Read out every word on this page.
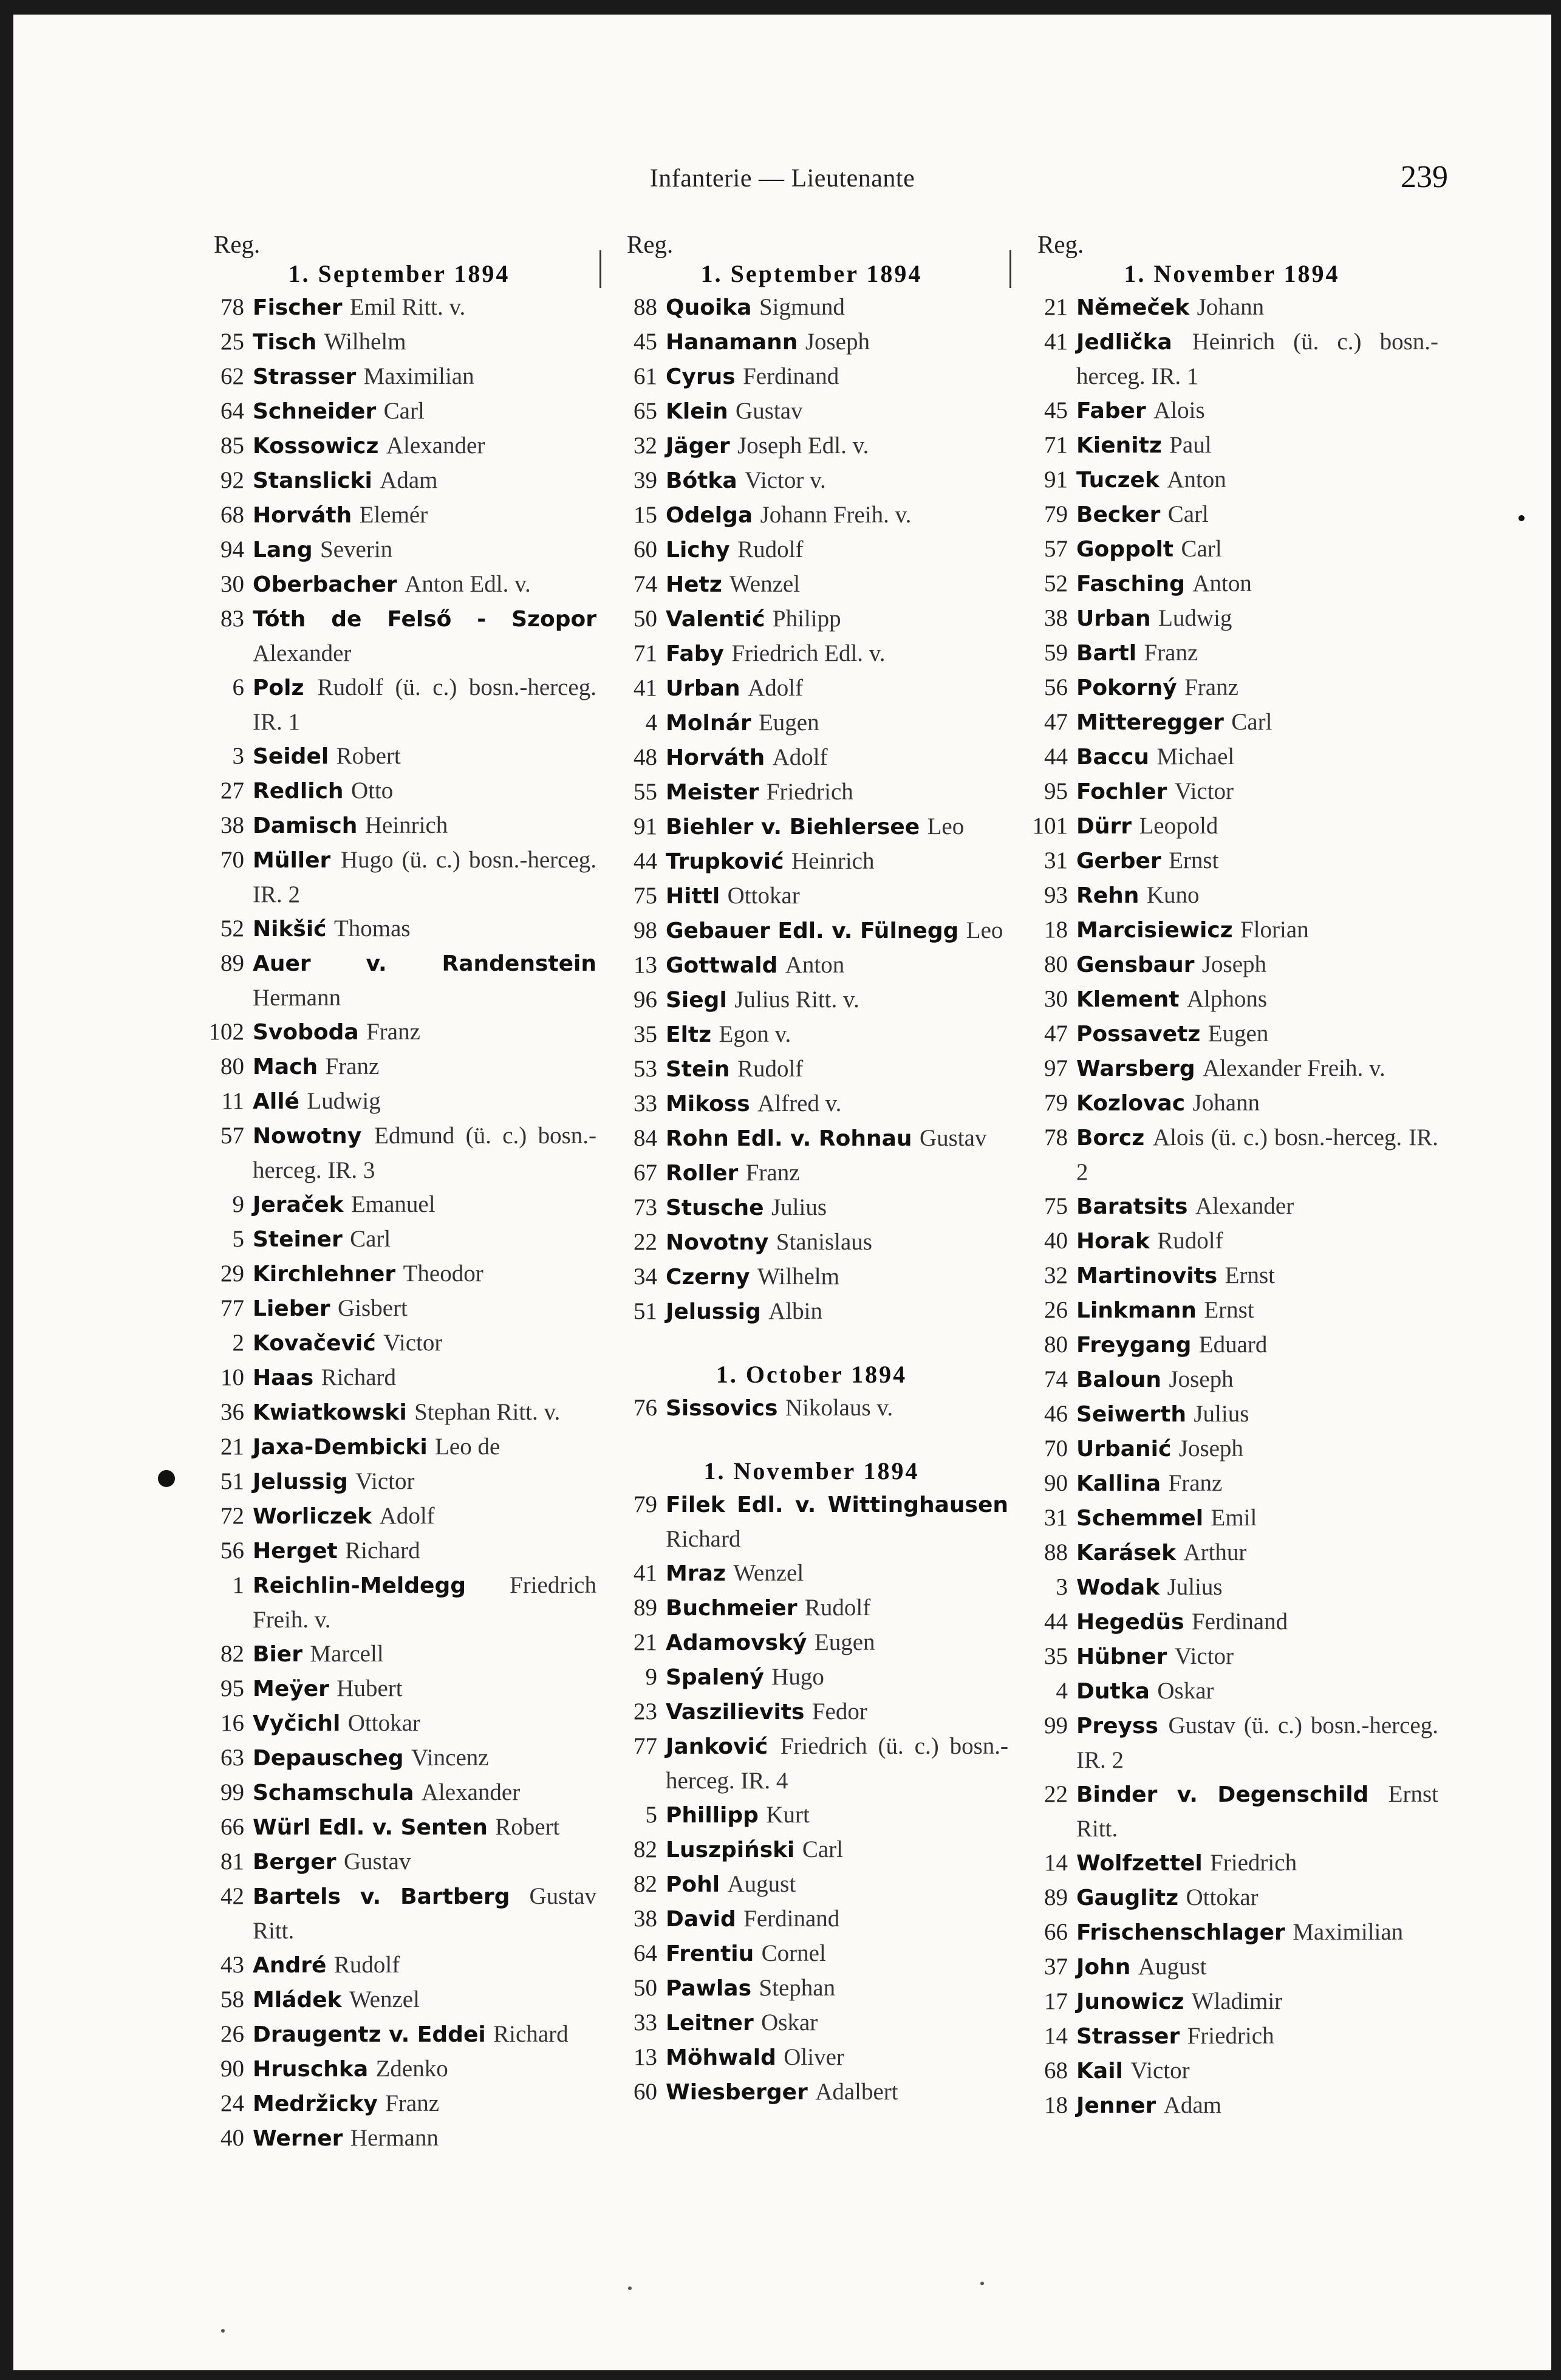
Infanterie — Lieutenante	239
Reg.
1. September 1894
78 Fischer Emil Ritt. v.
25 Tisch Wilhelm
62 Strasser Maximilian
64 Schneider Carl
85 Kossowicz Alexander
92 Stanslicki Adam
68 Horváth Elemér
94 Lang Severin
30 Oberbacher Anton Edl. v.
83 Tóth de Felső - Szopor Alexander
6 Polz Rudolf (ü. c.) bosn.-herceg. IR. 1
3 Seidel Robert
27 Redlich Otto
38 Damisch Heinrich
70 Müller Hugo (ü. c.) bosn.-herceg. IR. 2
52 Nikšić Thomas
89 Auer v. Randenstein Hermann
102 Svoboda Franz
80 Mach Franz
11 Allé Ludwig
57 Nowotny Edmund (ü. c.) bosn.-herceg. IR. 3
9 Jeraček Emanuel
5 Steiner Carl
29 Kirchlehner Theodor
77 Lieber Gisbert
2 Kovačević Victor
10 Haas Richard
36 Kwiatkowski Stephan Ritt. v.
21 Jaxa-Dembicki Leo de
51 Jelussig Victor
72 Worliczek Adolf
56 Herget Richard
1 Reichlin-Meldegg Friedrich Freih. v.
82 Bier Marcell
95 Meÿer Hubert
16 Vyčichl Ottokar
63 Depauscheg Vincenz
99 Schamschula Alexander
66 Würl Edl. v. Senten Robert
81 Berger Gustav
42 Bartels v. Bartberg Gustav Ritt.
43 André Rudolf
58 Mládek Wenzel
26 Draugentz v. Eddei Richard
90 Hruschka Zdenko
24 Medržicky Franz
40 Werner Hermann
Reg.
1. September 1894
88 Quoika Sigmund
45 Hanamann Joseph
61 Cyrus Ferdinand
65 Klein Gustav
32 Jäger Joseph Edl. v.
39 Bótka Victor v.
15 Odelga Johann Freih. v.
60 Lichy Rudolf
74 Hetz Wenzel
50 Valentić Philipp
71 Faby Friedrich Edl. v.
41 Urban Adolf
4 Molnár Eugen
48 Horváth Adolf
55 Meister Friedrich
91 Biehler v. Biehlersee Leo
44 Trupković Heinrich
75 Hittl Ottokar
98 Gebauer Edl. v. Fülnegg Leo
13 Gottwald Anton
96 Siegl Julius Ritt. v.
35 Eltz Egon v.
53 Stein Rudolf
33 Mikoss Alfred v.
84 Rohn Edl. v. Rohnau Gustav
67 Roller Franz
73 Stusche Julius
22 Novotny Stanislaus
34 Czerny Wilhelm
51 Jelussig Albin
1. October 1894
76 Sissovics Nikolaus v.
1. November 1894
79 Filek Edl. v. Wittinghausen Richard
41 Mraz Wenzel
89 Buchmeier Rudolf
21 Adamovský Eugen
9 Spalený Hugo
23 Vaszilievits Fedor
77 Janković Friedrich (ü. c.) bosn.-herceg. IR. 4
5 Phillipp Kurt
82 Luszpiński Carl
82 Pohl August
38 David Ferdinand
64 Frentiu Cornel
50 Pawlas Stephan
33 Leitner Oskar
13 Möhwald Oliver
60 Wiesberger Adalbert
Reg.
1. November 1894
21 Němeček Johann
41 Jedlička Heinrich (ü. c.) bosn.-herceg. IR. 1
45 Faber Alois
71 Kienitz Paul
91 Tuczek Anton
79 Becker Carl
57 Goppolt Carl
52 Fasching Anton
38 Urban Ludwig
59 Bartl Franz
56 Pokorný Franz
47 Mitteregger Carl
44 Baccu Michael
95 Fochler Victor
101 Dürr Leopold
31 Gerber Ernst
93 Rehn Kuno
18 Marcisiewicz Florian
80 Gensbaur Joseph
30 Klement Alphons
47 Possavetz Eugen
97 Warsberg Alexander Freih. v.
79 Kozlovac Johann
78 Borcz Alois (ü. c.) bosn.-herceg. IR. 2
75 Baratsits Alexander
40 Horak Rudolf
32 Martinovits Ernst
26 Linkmann Ernst
80 Freygang Eduard
74 Baloun Joseph
46 Seiwerth Julius
70 Urbanić Joseph
90 Kallina Franz
31 Schemmel Emil
88 Karásek Arthur
3 Wodak Julius
44 Hegedüs Ferdinand
35 Hübner Victor
4 Dutka Oskar
99 Preyss Gustav (ü. c.) bosn.-herceg. IR. 2
22 Binder v. Degenschild Ernst Ritt.
14 Wolfzettel Friedrich
89 Gauglitz Ottokar
66 Frischenschlager Maximilian
37 John August
17 Junowicz Wladimir
14 Strasser Friedrich
68 Kail Victor
18 Jenner Adam
